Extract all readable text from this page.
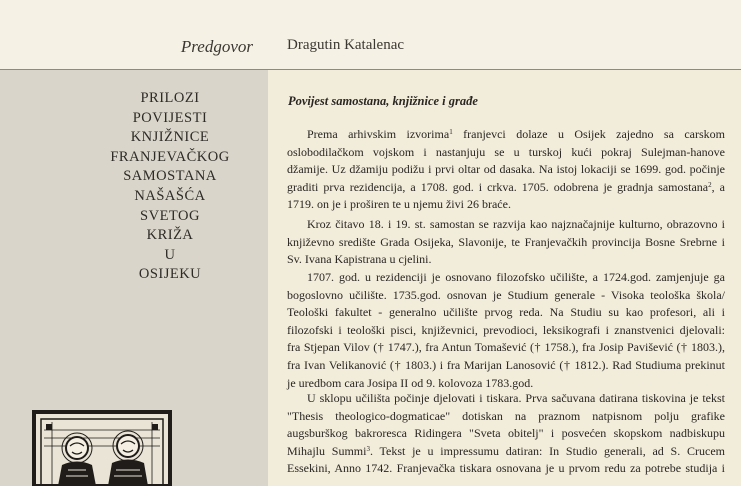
Predgovor Dragutin Katalenac
PRILOZI
POVIJESTI
KNJIŽNICE
FRANJEVAČKOG
SAMOSTANA
NAŠAŠĆA
SVETOG
KRIŽA
U
OSIJEKU
Povijest samostana, knjižnice i građe
Prema arhivskim izvorima$^1$ franjevci dolaze u Osijek zajedno sa carskom
oslobodilačkom vojskom i nastanjuju se u turskoj kući pokraj Sulejman-hanove
džamije. Uz džamiju podižu i prvi oltar od dasaka. Na istoj lokaciji se 1699. god. počinje
graditi prva rezidencija, a 1708. god. i crkva. 1705. odobrena je gradnja samostana$^2$, a
1719. on je i proširen te u njemu živi 26 braće.
Kroz čitavo 18. i 19. st. samostan se razvija kao najznačajnije kulturno, obrazovno i
književno središte Grada Osijeka, Slavonije, te Franjevačkih provincija Bosne Srebrne i
Sv. Ivana Kapistrana u cjelini.
1707. god. u rezidenciji je osnovano filozofsko učilište, a 1724.god. zamjenjuje ga
bogoslovno učilište. 1735.god. osnovan je Studium generale - Visoka teološka škola/
Teološki fakultet - generalno učilište prvog reda. Na Studiu su kao profesori, ali i
filozofski i teološki pisci, književnici, prevodioci, leksikografi i znanstvenici djelovali:
fra Stjepan Vilov († 1747.), fra Antun Tomašević († 1758.), fra Josip Pavišević († 1803.),
fra Ivan Velikanović († 1803.) i fra Marijan Lanosović († 1812.). Rad Studiuma prekinut
je uredbom cara Josipa II od 9. kolovoza 1783.god.
U sklopu učilišta počinje djelovati i tiskara. Prva sačuvana datirana tiskovina je tekst
"Thesis theologico-dogmaticae" dotiskan na praznom natpisnom polju grafike
augsburškog bakroresca Ridingera "Sveta obitelj" i posvećen skopskom nadbiskupu
Mihajlu Summi$^3$. Tekst je u impressumu datiran: In Studio generali, ad S. Crucem
Essekini, Anno 1742. Franjevačka tiskara osnovana je u prvom redu za potrebe studija i
